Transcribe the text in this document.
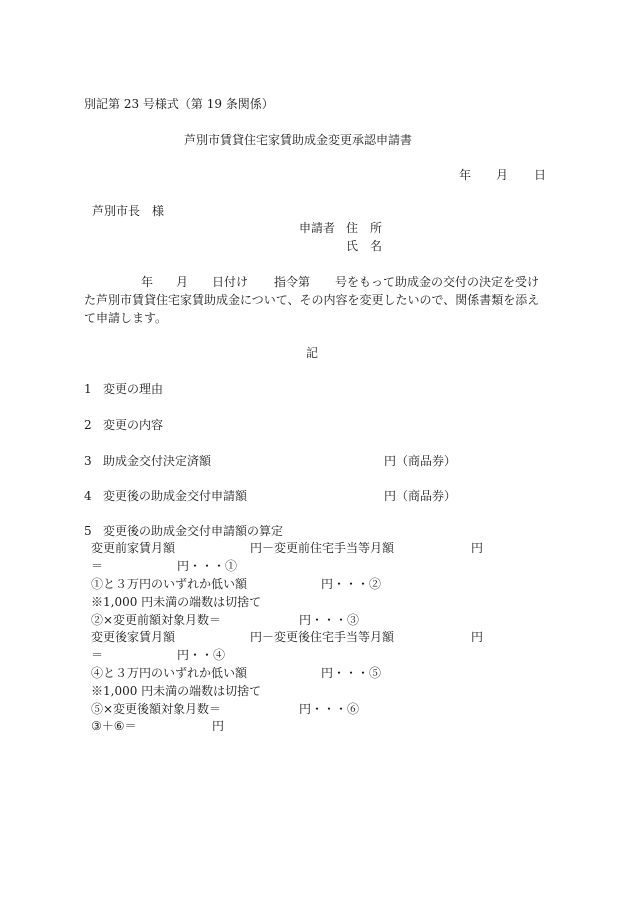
別記第 23 号様式（第 19 条関係）
芦別市賃貸住宅家賃助成金変更承認申請書
年 月 日
芦別市長　様
申請者 住　所
氏　名
年 月 日付け 指令第 号をもって助成金の交付の決定を受け
た芦別市賃貸住宅家賃助成金について、その内容を変更したいので、関係書類を添え
て申請します。
記
1 変更の理由
2 変更の内容
3 助成金交付決定済額	円（商品券）
4 変更後の助成金交付申請額	円（商品券）
5 変更後の助成金交付申請額の算定
変更前家賃月額	円－変更前住宅手当等月額	円
＝	円・・・①
①と３万円のいずれか低い額	円・・・②
※1,000 円未満の端数は切捨て
②×変更前額対象月数＝	円・・・③
変更後家賃月額	円－変更後住宅手当等月額	円
＝	円・・④
④と３万円のいずれか低い額	円・・・⑤
※1,000 円未満の端数は切捨て
⑤×変更後額対象月数＝	円・・・⑥
③＋⑥＝	円
